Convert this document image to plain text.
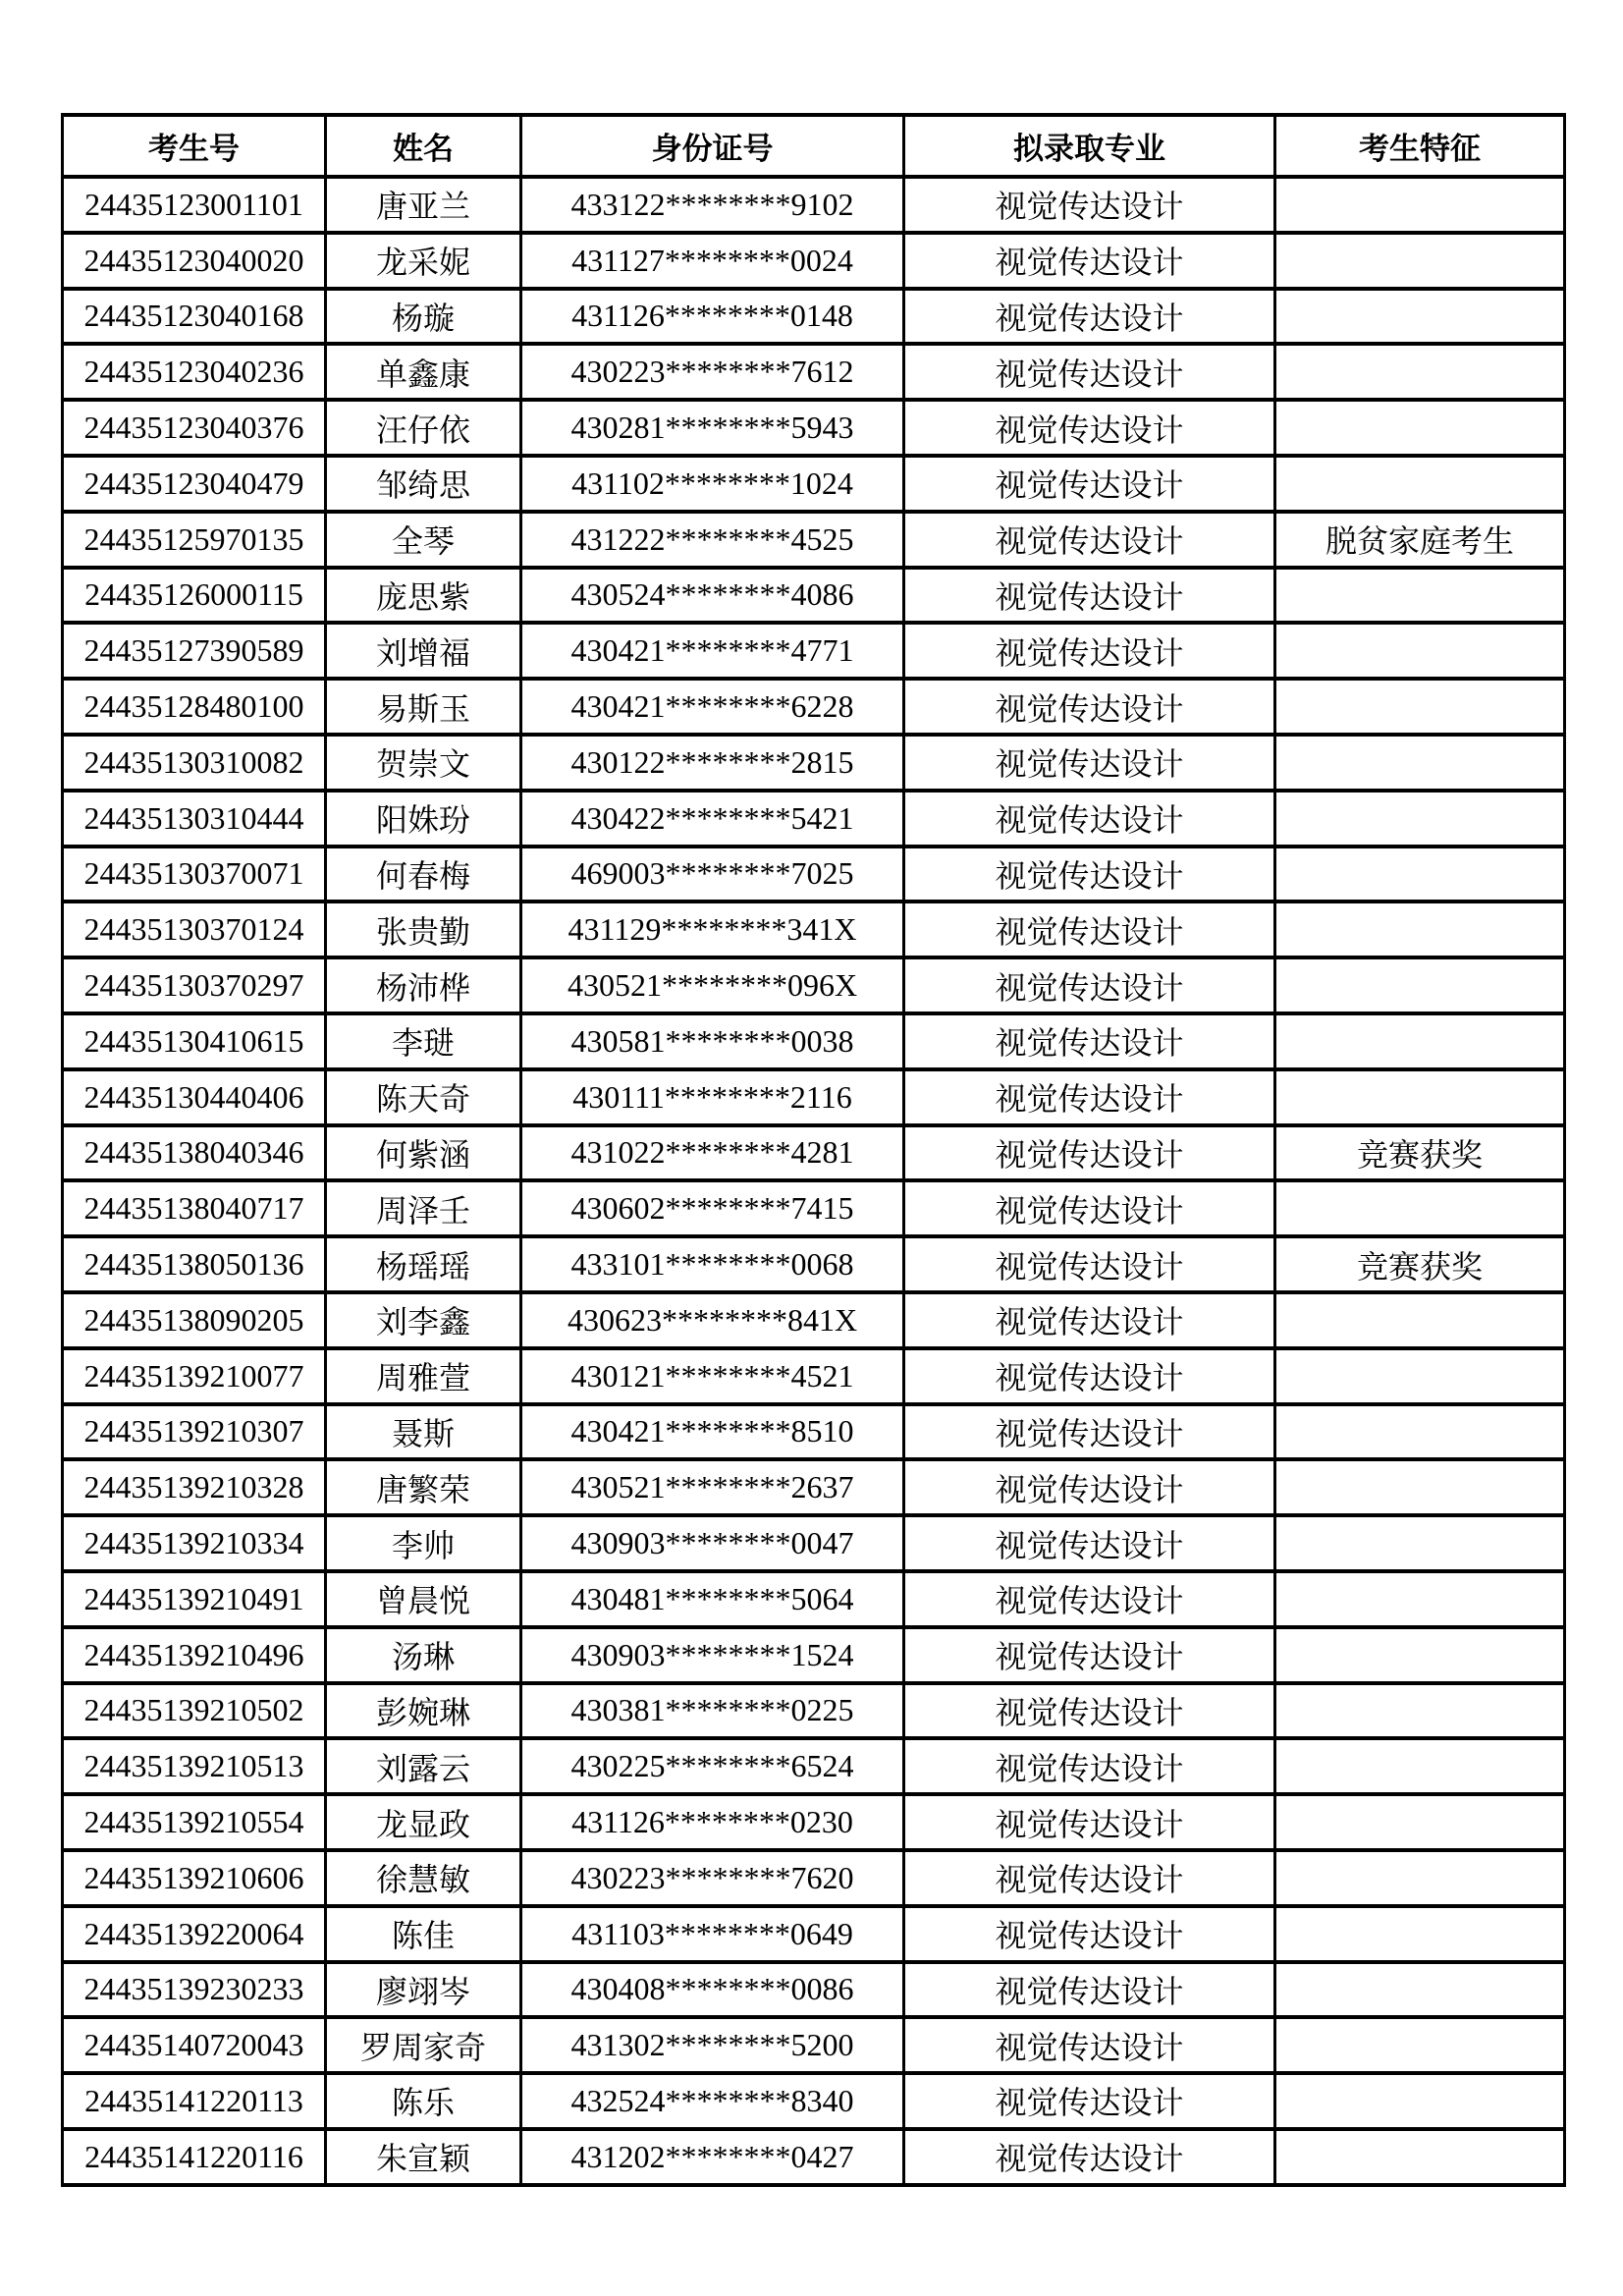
考生号	姓名	身份证号	拟录取专业	考生特征
24435123001101	唐亚兰	433122********9102	视觉传达设计	
24435123040020	龙采妮	431127********0024	视觉传达设计	
24435123040168	杨璇	431126********0148	视觉传达设计	
24435123040236	单鑫康	430223********7612	视觉传达设计	
24435123040376	汪仔依	430281********5943	视觉传达设计	
24435123040479	邹绮思	431102********1024	视觉传达设计	
24435125970135	全琴	431222********4525	视觉传达设计	脱贫家庭考生
24435126000115	庞思紫	430524********4086	视觉传达设计	
24435127390589	刘增福	430421********4771	视觉传达设计	
24435128480100	易斯玉	430421********6228	视觉传达设计	
24435130310082	贺崇文	430122********2815	视觉传达设计	
24435130310444	阳姝玢	430422********5421	视觉传达设计	
24435130370071	何春梅	469003********7025	视觉传达设计	
24435130370124	张贵勤	431129********341X	视觉传达设计	
24435130370297	杨沛桦	430521********096X	视觉传达设计	
24435130410615	李琎	430581********0038	视觉传达设计	
24435130440406	陈天奇	430111********2116	视觉传达设计	
24435138040346	何紫涵	431022********4281	视觉传达设计	竞赛获奖
24435138040717	周泽壬	430602********7415	视觉传达设计	
24435138050136	杨瑶瑶	433101********0068	视觉传达设计	竞赛获奖
24435138090205	刘李鑫	430623********841X	视觉传达设计	
24435139210077	周雅萱	430121********4521	视觉传达设计	
24435139210307	聂斯	430421********8510	视觉传达设计	
24435139210328	唐繁荣	430521********2637	视觉传达设计	
24435139210334	李帅	430903********0047	视觉传达设计	
24435139210491	曾晨悦	430481********5064	视觉传达设计	
24435139210496	汤琳	430903********1524	视觉传达设计	
24435139210502	彭婉琳	430381********0225	视觉传达设计	
24435139210513	刘露云	430225********6524	视觉传达设计	
24435139210554	龙显政	431126********0230	视觉传达设计	
24435139210606	徐慧敏	430223********7620	视觉传达设计	
24435139220064	陈佳	431103********0649	视觉传达设计	
24435139230233	廖翊岑	430408********0086	视觉传达设计	
24435140720043	罗周家奇	431302********5200	视觉传达设计	
24435141220113	陈乐	432524********8340	视觉传达设计	
24435141220116	朱宣颖	431202********0427	视觉传达设计	
